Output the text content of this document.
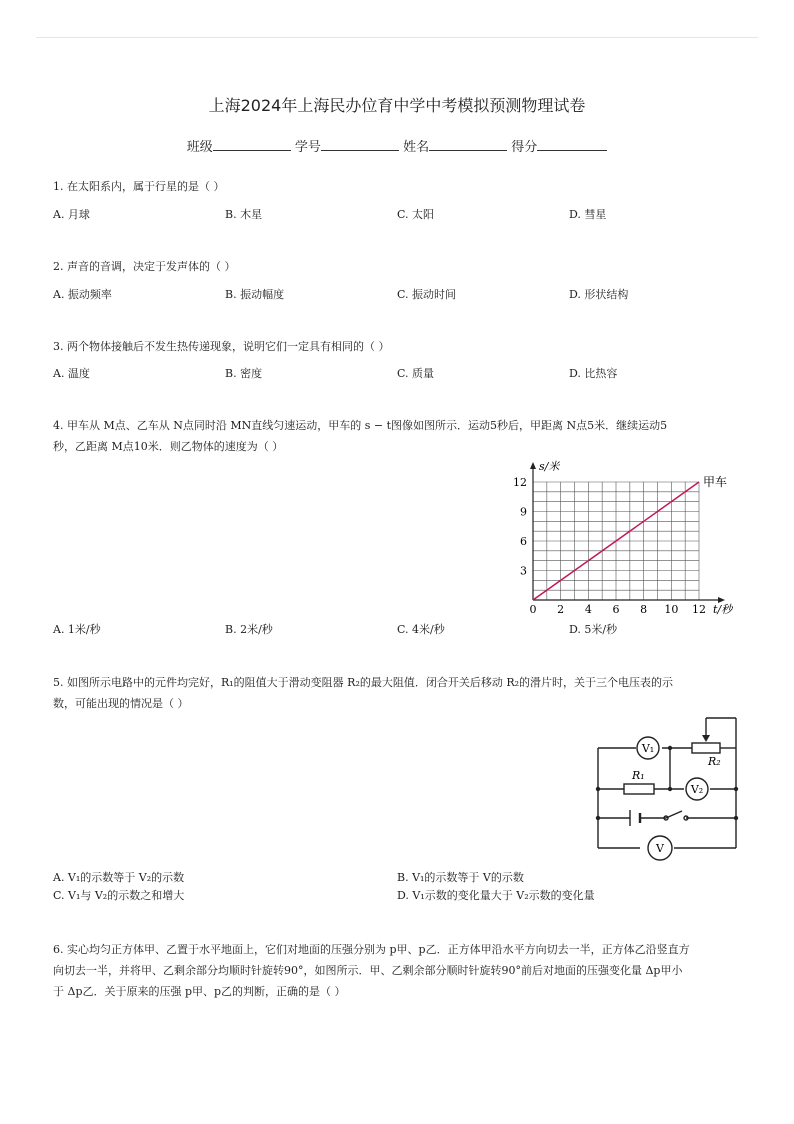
上海2024年上海民办位育中学中考模拟预测物理试卷
班级	学号	姓名	得分
1. 在太阳系内，属于行星的是（ ）
A. 月球	B. 木星	C. 太阳	D. 彗星
2. 声音的音调，决定于发声体的（ ）
A. 振动频率	B. 振动幅度	C. 振动时间	D. 形状结构
3. 两个物体接触后不发生热传递现象，说明它们一定具有相同的（ ）
A. 温度	B. 密度	C. 质量	D. 比热容
4. 甲车从 M点、乙车从 N点同时沿 MN直线匀速运动，甲车的 s − t图像如图所示．运动5秒后，甲距离 N点5米．继续运动5
秒，乙距离 M点10米．则乙物体的速度为（ ）
0 2 4 6 8 10 12
3
6
9
12
s/米
t/秒
甲车
A. 1米/秒	B. 2米/秒	C. 4米/秒	D. 5米/秒
5. 如图所示电路中的元件均完好，R₁的阻值大于滑动变阻器 R₂的最大阻值．闭合开关后移动 R₂的滑片时，关于三个电压表的示
数，可能出现的情况是（ ）
V₁
V₂
V
R₁
R₂
A. V₁的示数等于 V₂的示数	B. V₁的示数等于 V的示数
C. V₁与 V₂的示数之和增大	D. V₁示数的变化量大于 V₂示数的变化量
6. 实心均匀正方体甲、乙置于水平地面上，它们对地面的压强分别为 p甲、p乙．正方体甲沿水平方向切去一半，正方体乙沿竖直方
向切去一半，并将甲、乙剩余部分均顺时针旋转90°，如图所示．甲、乙剩余部分顺时针旋转90°前后对地面的压强变化量 Δp甲小
于 Δp乙．关于原来的压强 p甲、p乙的判断，正确的是（ ）
